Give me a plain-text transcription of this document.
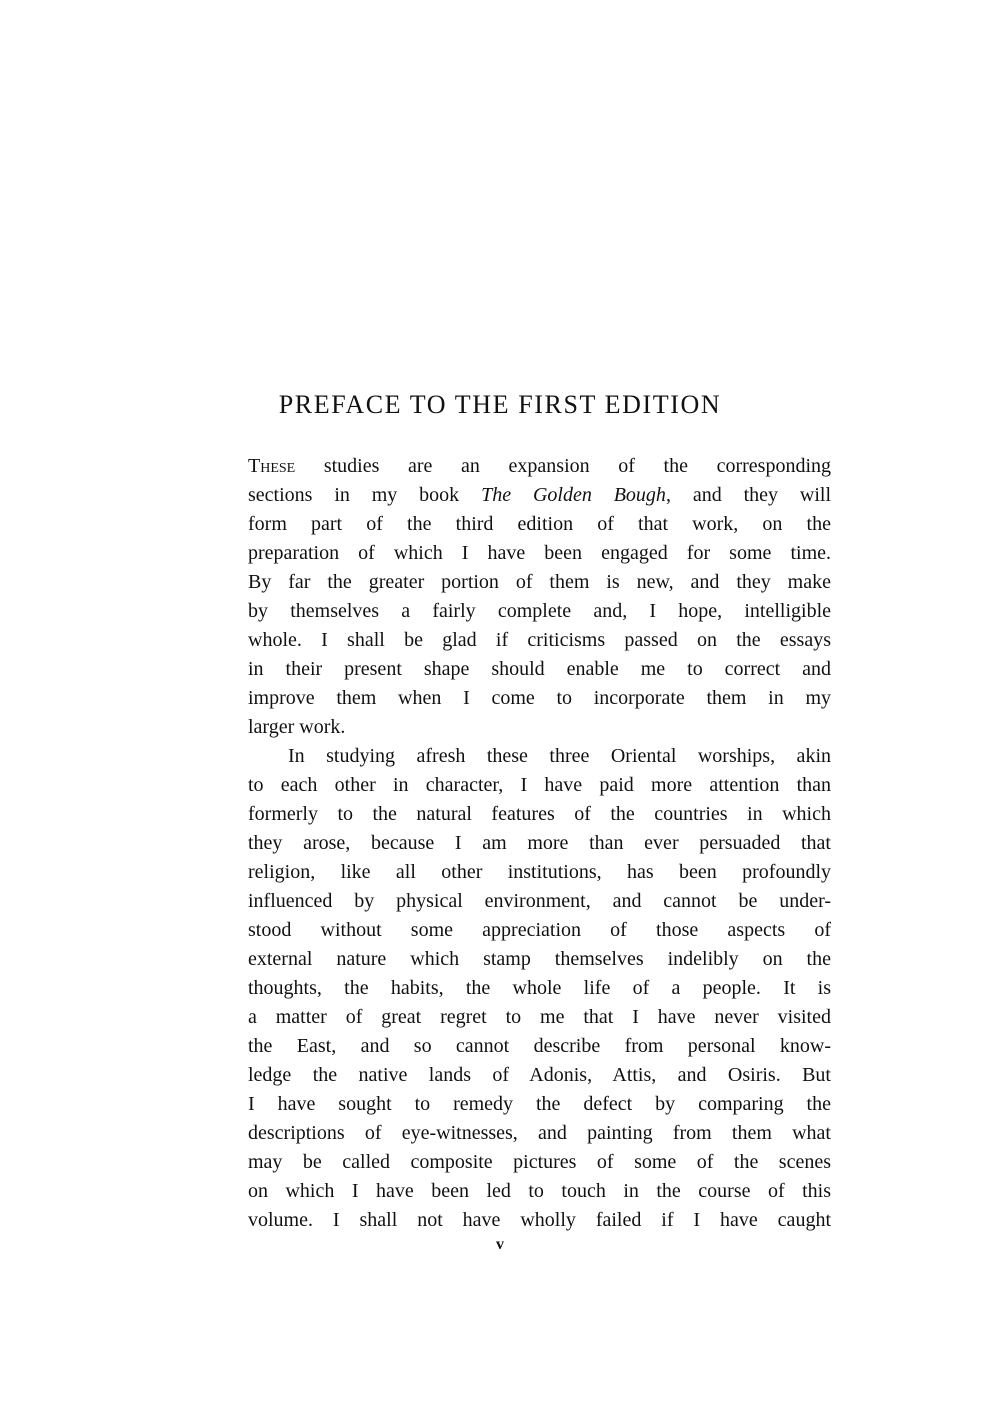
PREFACE TO THE FIRST EDITION
These studies are an expansion of the corresponding
sections in my book The Golden Bough, and they will
form part of the third edition of that work, on the
preparation of which I have been engaged for some time.
By far the greater portion of them is new, and they make
by themselves a fairly complete and, I hope, intelligible
whole. I shall be glad if criticisms passed on the essays
in their present shape should enable me to correct and
improve them when I come to incorporate them in my
larger work.
In studying afresh these three Oriental worships, akin
to each other in character, I have paid more attention than
formerly to the natural features of the countries in which
they arose, because I am more than ever persuaded that
religion, like all other institutions, has been profoundly
influenced by physical environment, and cannot be under-
stood without some appreciation of those aspects of
external nature which stamp themselves indelibly on the
thoughts, the habits, the whole life of a people. It is
a matter of great regret to me that I have never visited
the East, and so cannot describe from personal know-
ledge the native lands of Adonis, Attis, and Osiris. But
I have sought to remedy the defect by comparing the
descriptions of eye-witnesses, and painting from them what
may be called composite pictures of some of the scenes
on which I have been led to touch in the course of this
volume. I shall not have wholly failed if I have caught
v
